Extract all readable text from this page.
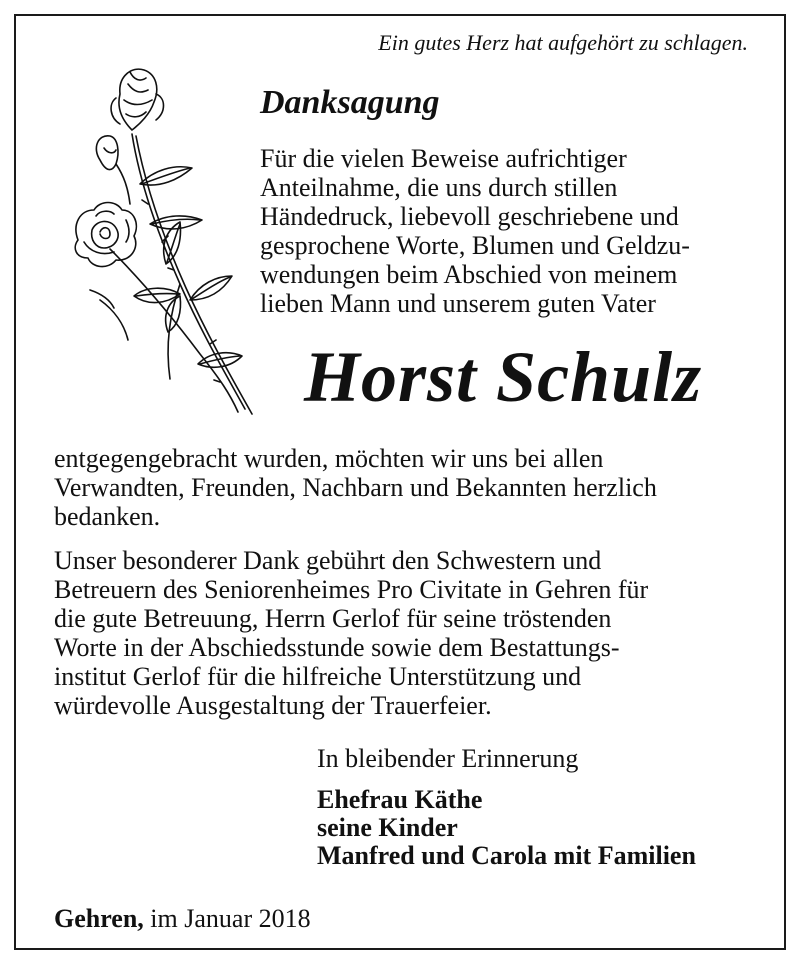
Ein gutes Herz hat aufgehört zu schlagen.
Danksagung
Für die vielen Beweise aufrichtiger
Anteilnahme, die uns durch stillen
Händedruck, liebevoll geschriebene und
gesprochene Worte, Blumen und Geldzu-
wendungen beim Abschied von meinem
lieben Mann und unserem guten Vater
Horst Schulz
entgegengebracht wurden, möchten wir uns bei allen
Verwandten, Freunden, Nachbarn und Bekannten herzlich
bedanken.
Unser besonderer Dank gebührt den Schwestern und
Betreuern des Seniorenheimes Pro Civitate in Gehren für
die gute Betreuung, Herrn Gerlof für seine tröstenden
Worte in der Abschiedsstunde sowie dem Bestattungs-
institut Gerlof für die hilfreiche Unterstützung und
würdevolle Ausgestaltung der Trauerfeier.
In bleibender Erinnerung
Ehefrau Käthe
seine Kinder
Manfred und Carola mit Familien
Gehren, im Januar 2018
